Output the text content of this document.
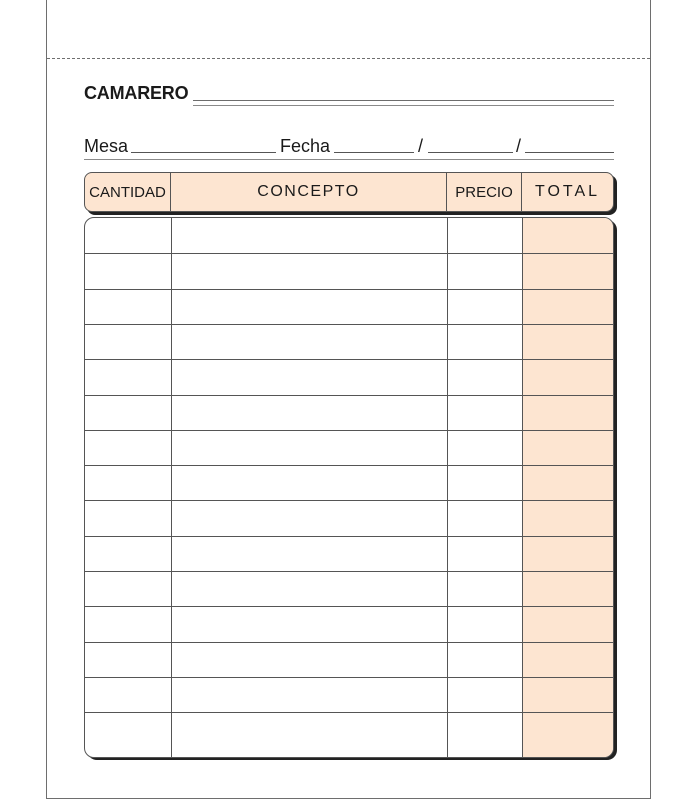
CAMARERO
Mesa	Fecha	/	/
CANTIDAD	CONCEPTO	PRECIO	TOTAL
